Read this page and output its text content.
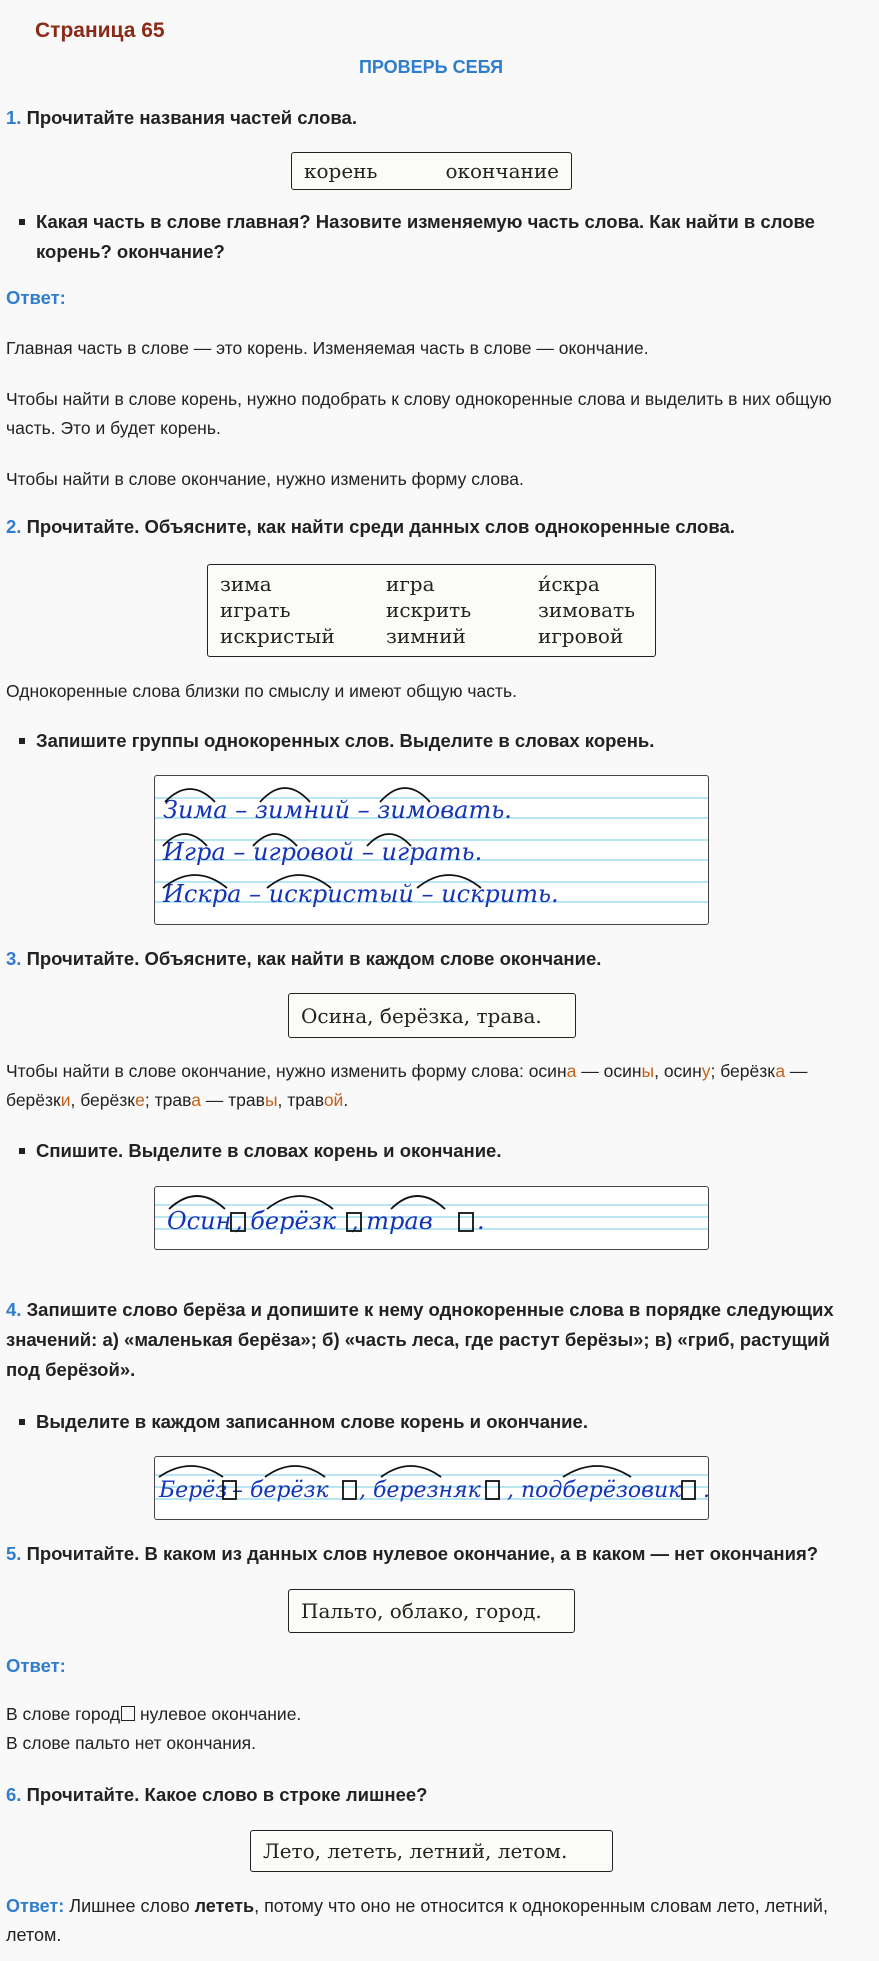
Страница 65
ПРОВЕРЬ СЕБЯ
1. Прочитайте названия частей слова.
корень	окончание
Какая часть в слове главная? Назовите изменяемую часть слова. Как найти в слове корень? окончание?
Ответ:
Главная часть в слове — это корень. Изменяемая часть в слове — окончание.
Чтобы найти в слове корень, нужно подобрать к слову однокоренные слова и выделить в них общую часть. Это и будет корень.
Чтобы найти в слове окончание, нужно изменить форму слова.
2. Прочитайте. Объясните, как найти среди данных слов однокоренные слова.
зима	игра	и́скра
играть	искрить	зимовать
искристый	зимний	игровой
Однокоренные слова близки по смыслу и имеют общую часть.
Запишите группы однокоренных слов. Выделите в словах корень.
Зима – зимний – зимовать.
Игра – игровой – играть.
Искра – искристый – искрить.
3. Прочитайте. Объясните, как найти в каждом слове окончание.
Осина, берёзка, трава.
Чтобы найти в слове окончание, нужно изменить форму слова: осина — осины, осину; берёзка — берёзки, берёзке; трава — травы, травой.
Спишите. Выделите в словах корень и окончание.
Осин , берёзк , трав .
4. Запишите слово берёза и допишите к нему однокоренные слова в порядке следующих значений: а) «маленькая берёза»; б) «часть леса, где растут берёзы»; в) «гриб, растущий под берёзой».
Выделите в каждом записанном слове корень и окончание.
Берёз – берёзк , березняк , подберёзовик .
5. Прочитайте. В каком из данных слов нулевое окончание, а в каком — нет окончания?
Пальто, облако, город.
Ответ:
В слове город нулевое окончание.
В слове пальто нет окончания.
6. Прочитайте. Какое слово в строке лишнее?
Лето, лететь, летний, летом.
Ответ: Лишнее слово лететь, потому что оно не относится к однокоренным словам лето, летний, летом.
